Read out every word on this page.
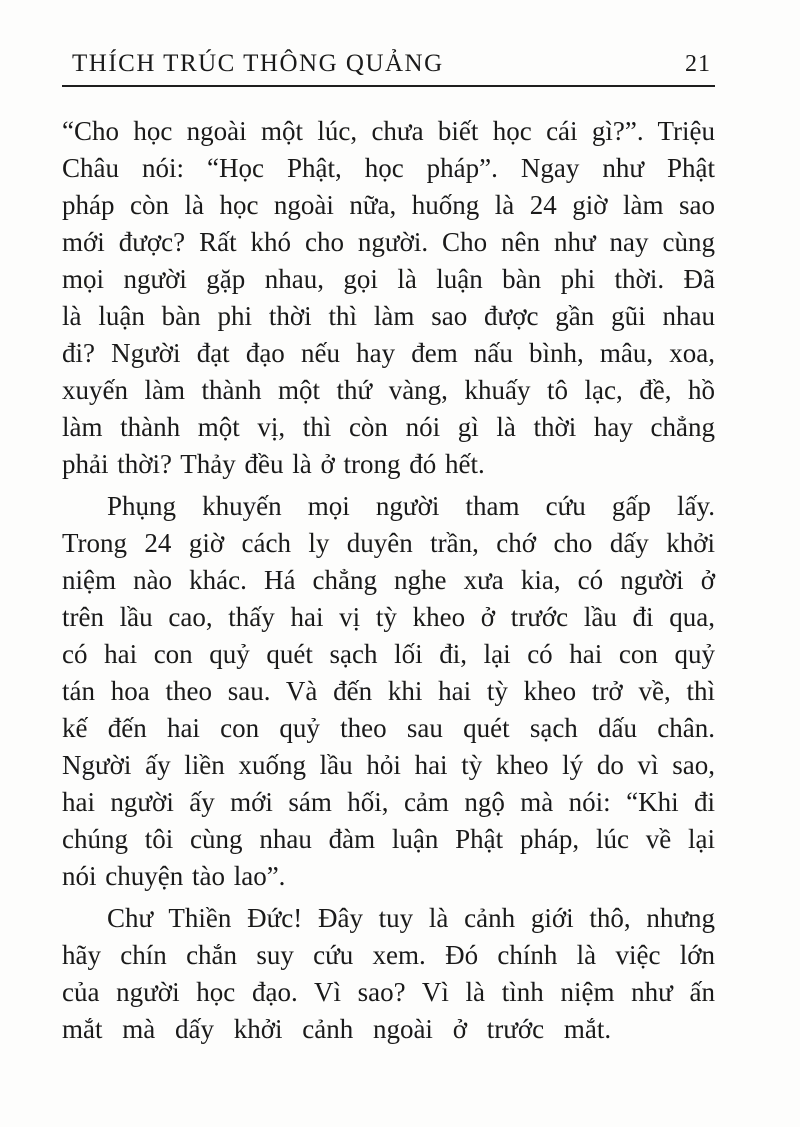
THÍCH TRÚC THÔNG QUẢNG	21
“Cho học ngoài một lúc, chưa biết học cái gì?”. Triệu
Châu nói: “Học Phật, học pháp”. Ngay như Phật
pháp còn là học ngoài nữa, huống là 24 giờ làm sao
mới được? Rất khó cho người. Cho nên như nay cùng
mọi người gặp nhau, gọi là luận bàn phi thời. Đã
là luận bàn phi thời thì làm sao được gần gũi nhau
đi? Người đạt đạo nếu hay đem nấu bình, mâu, xoa,
xuyến làm thành một thứ vàng, khuấy tô lạc, đề, hồ
làm thành một vị, thì còn nói gì là thời hay chẳng
phải thời? Thảy đều là ở trong đó hết.
Phụng khuyến mọi người tham cứu gấp lấy.
Trong 24 giờ cách ly duyên trần, chớ cho dấy khởi
niệm nào khác. Há chẳng nghe xưa kia, có người ở
trên lầu cao, thấy hai vị tỳ kheo ở trước lầu đi qua,
có hai con quỷ quét sạch lối đi, lại có hai con quỷ
tán hoa theo sau. Và đến khi hai tỳ kheo trở về, thì
kế đến hai con quỷ theo sau quét sạch dấu chân.
Người ấy liền xuống lầu hỏi hai tỳ kheo lý do vì sao,
hai người ấy mới sám hối, cảm ngộ mà nói: “Khi đi
chúng tôi cùng nhau đàm luận Phật pháp, lúc về lại
nói chuyện tào lao”.
Chư Thiền Đức! Đây tuy là cảnh giới thô, nhưng
hãy chín chắn suy cứu xem. Đó chính là việc lớn
của người học đạo. Vì sao? Vì là tình niệm như ấn
mắt mà dấy khởi cảnh ngoài ở trước mắt.
